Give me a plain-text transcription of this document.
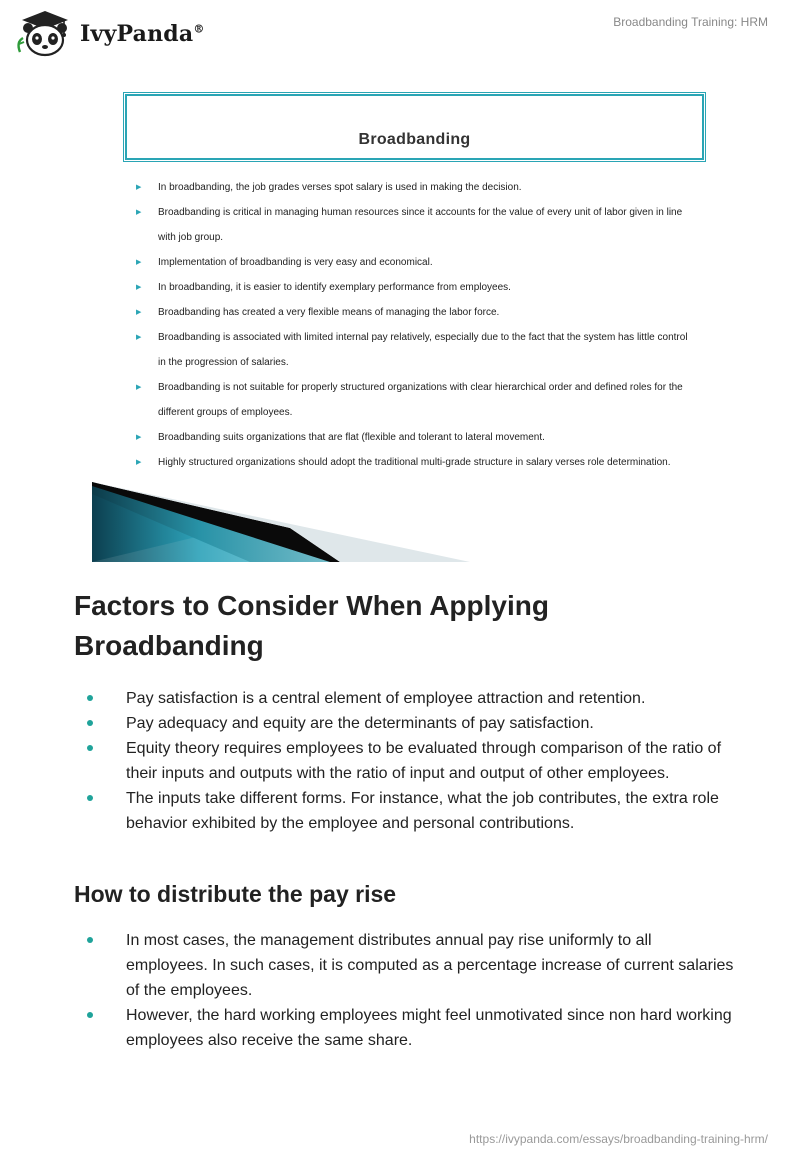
IvyPanda®
Broadbanding Training: HRM
Broadbanding
▶ In broadbanding, the job grades verses spot salary is used in making the decision.
▶ Broadbanding is critical in managing human resources since it accounts for the value of every unit of labor given in line with job group.
▶ Implementation of broadbanding is very easy and economical.
▶ In broadbanding, it is easier to identify exemplary performance from employees.
▶ Broadbanding has created a very flexible means of managing the labor force.
▶ Broadbanding is associated with limited internal pay relatively, especially due to the fact that the system has little control in the progression of salaries.
▶ Broadbanding is not suitable for properly structured organizations with clear hierarchical order and defined roles for the different groups of employees.
▶ Broadbanding suits organizations that are flat (flexible and tolerant to lateral movement.
▶ Highly structured organizations should adopt the traditional multi-grade structure in salary verses role determination.
Factors to Consider When Applying Broadbanding
Pay satisfaction is a central element of employee attraction and retention.
Pay adequacy and equity are the determinants of pay satisfaction.
Equity theory requires employees to be evaluated through comparison of the ratio of their inputs and outputs with the ratio of input and output of other employees.
The inputs take different forms. For instance, what the job contributes, the extra role behavior exhibited by the employee and personal contributions.
How to distribute the pay rise
In most cases, the management distributes annual pay rise uniformly to all employees. In such cases, it is computed as a percentage increase of current salaries of the employees.
However, the hard working employees might feel unmotivated since non hard working employees also receive the same share.
https://ivypanda.com/essays/broadbanding-training-hrm/
